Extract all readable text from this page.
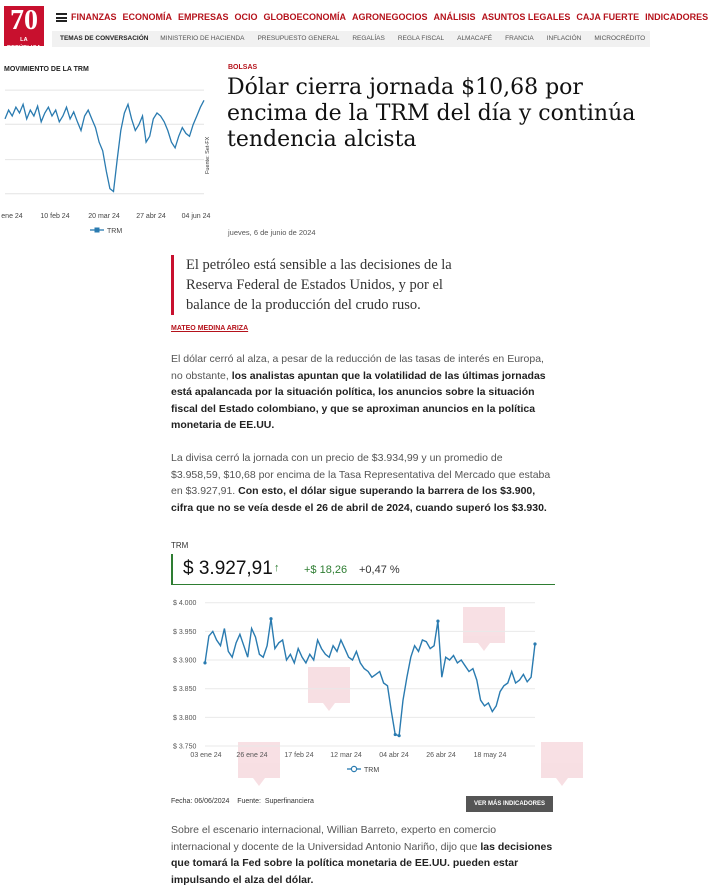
70
LA REPÚBLICA
FINANZAS ECONOMÍA EMPRESAS OCIO GLOBOECONOMÍA AGRONEGOCIOS ANÁLISIS ASUNTOS LEGALES CAJA FUERTE INDICADORES
TEMAS DE CONVERSACIÓN MINISTERIO DE HACIENDA PRESUPUESTO GENERAL REGALÍAS REGLA FISCAL ALMACAFÉ FRANCIA INFLACIÓN MICROCRÉDITO
MOVIMIENTO DE LA TRM
Fuente: Set-FX
ene 24	10 feb 24	20 mar 24 27 abr 24 04 jun 24
TRM
BOLSAS
Dólar cierra jornada $10,68 por encima de la TRM del día y continúa tendencia alcista
jueves, 6 de junio de 2024
El petróleo está sensible a las decisiones de la Reserva Federal de Estados Unidos, y por el balance de la producción del crudo ruso.
MATEO MEDINA ARIZA

El dólar cerró al alza, a pesar de la reducción de las tasas de interés en Europa, no obstante, los analistas apuntan que la volatilidad de las últimas jornadas está apalancada por la situación política, los anuncios sobre la situación fiscal del Estado colombiano, y que se aproximan anuncios en la política monetaria de EE.UU.

La divisa cerró la jornada con un precio de $3.934,99 y un promedio de $3.958,59, $10,68 por encima de la Tasa Representativa del Mercado que estaba en $3.927,91. Con esto, el dólar sigue superando la barrera de los $3.900, cifra que no se veía desde el 26 de abril de 2024, cuando superó los $3.930.

TRM
$ 3.927,91 ↑ +$ 18,26 +0,47 %
$ 4.000
$ 3.950
$ 3.900
$ 3.850
$ 3.800
$ 3.750
03 ene 24 26 ene 24 17 feb 24 12 mar 24 04 abr 24 26 abr 24	18 may 24
TRM
Fecha: 06/06/2024 Fuente: Superfinanciera	VER MÁS INDICADORES

Sobre el escenario internacional, Willian Barreto, experto en comercio internacional y docente de la Universidad Antonio Nariño, dijo que las decisiones que tomará la Fed sobre la política monetaria de EE.UU. pueden estar impulsando el alza del dólar.
